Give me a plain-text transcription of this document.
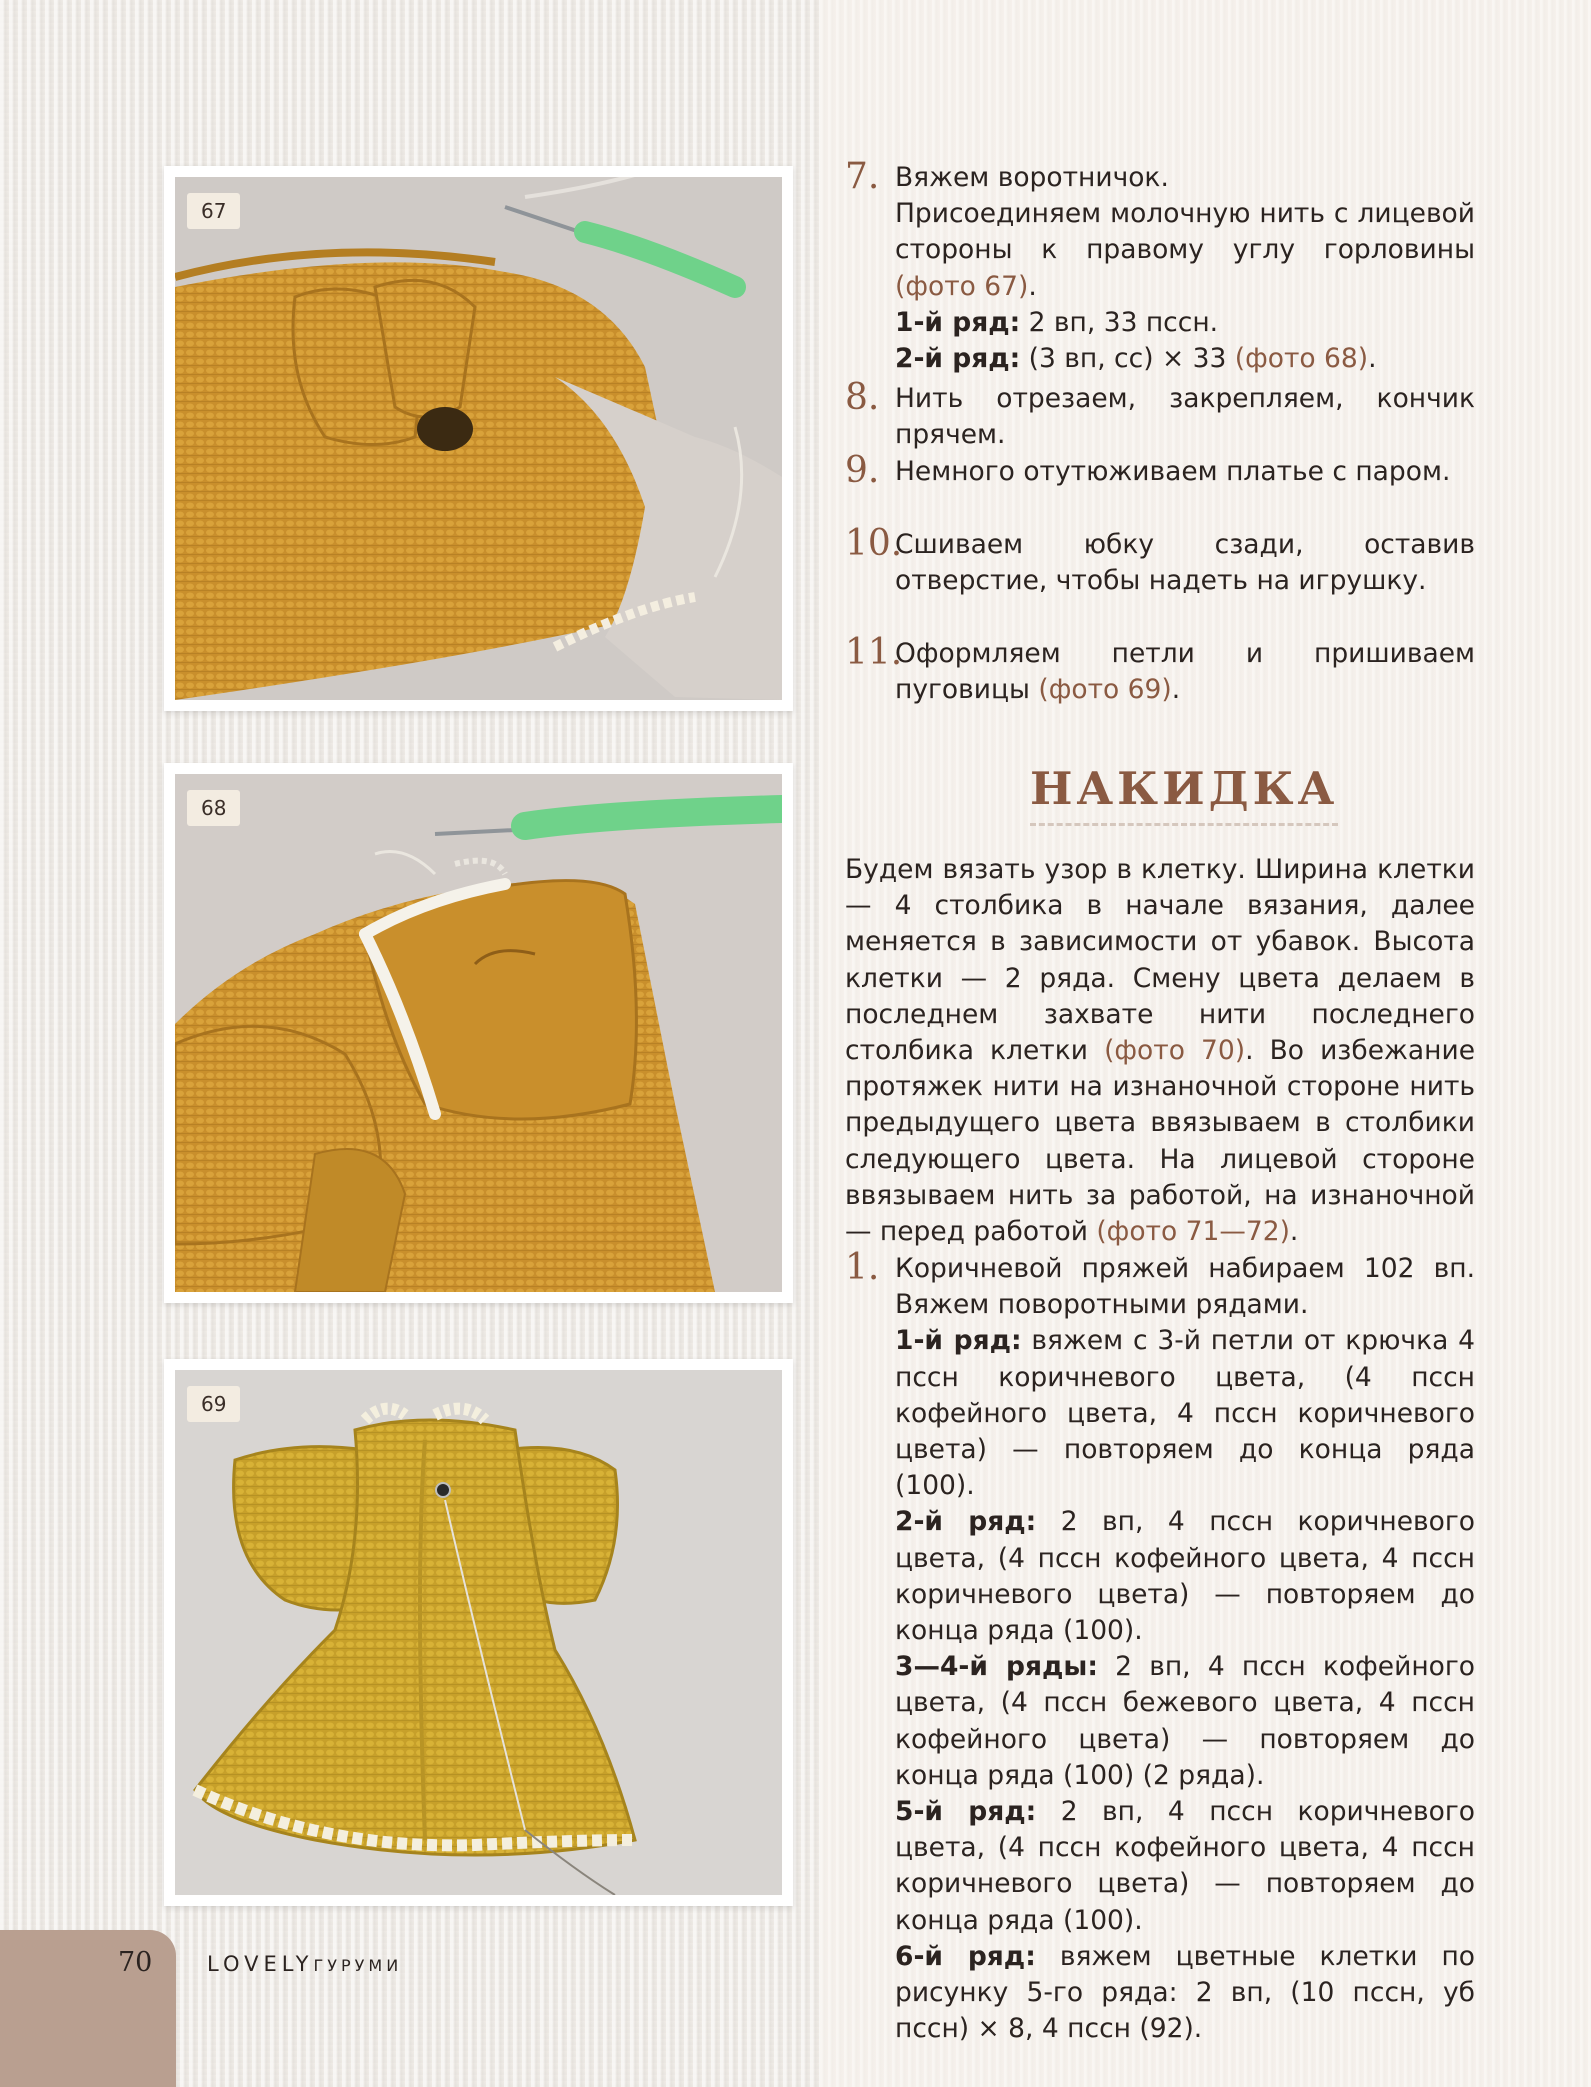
67
68
69
7. Вяжем воротничок.

Присоединяем молочную нить с лицевой стороны к правому углу горловины (фото 67).

1-й ряд: 2 вп, 33 пссн.

2-й ряд: (3 вп, сс) × 33 (фото 68).

8. Нить отрезаем, закрепляем, кончик прячем.
9. Немного отутюживаем платье с паром.
10.
Сшиваем юбку сзади, оставив отверстие, чтобы надеть на игрушку.
11.
Оформляем петли и пришиваем пуговицы (фото 69).
НАКИДКА
Будем вязать узор в клетку. Ширина клетки — 4 столбика в начале вязания, далее меняется в зависимости от убавок. Высота клетки — 2 ряда. Смену цвета делаем в последнем захвате нити последнего столбика клетки (фото 70). Во избежание протяжек нити на изнаночной стороне нить предыдущего цвета ввязываем в столбики следующего цвета. На лицевой стороне ввязываем нить за работой, на изнаночной — перед работой (фото 71—72).
1. Коричневой пряжей набираем 102 вп. Вяжем поворотными рядами.

1-й ряд: вяжем с 3-й петли от крючка 4 пссн коричневого цвета, (4 пссн кофейного цвета, 4 пссн коричневого цвета) — повторяем до конца ряда (100).

2-й ряд: 2 вп, 4 пссн коричневого цвета, (4 пссн кофейного цвета, 4 пссн коричневого цвета) — повторяем до конца ряда (100).

3—4-й ряды: 2 вп, 4 пссн кофейного цвета, (4 пссн бежевого цвета, 4 пссн кофейного цвета) — повторяем до конца ряда (100) (2 ряда).

5-й ряд: 2 вп, 4 пссн коричневого цвета, (4 пссн кофейного цвета, 4 пссн коричневого цвета) — повторяем до конца ряда (100).

6-й ряд: вяжем цветные клетки по рисунку 5-го ряда: 2 вп, (10 пссн, уб пссн) × 8, 4 пссн (92).

70	LOVELYГУРУМИ
